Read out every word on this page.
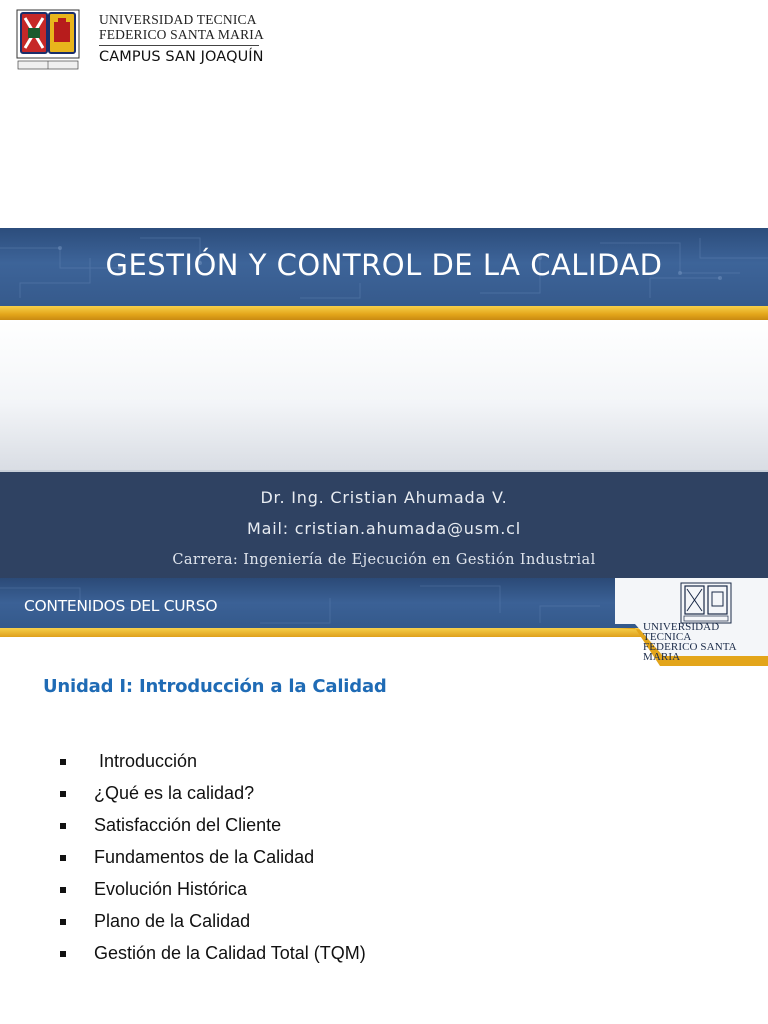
UNIVERSIDAD TECNICA
FEDERICO SANTA MARIA
CAMPUS SAN JOAQUÍN
GESTIÓN Y CONTROL DE LA CALIDAD
Dr. Ing. Cristian Ahumada V.
Mail: cristian.ahumada@usm.cl
Carrera: Ingeniería de Ejecución en Gestión Industrial
CONTENIDOS DEL CURSO
UNIVERSIDAD TECNICA
FEDERICO SANTA MARIA
Unidad I: Introducción a la Calidad
Introducción
¿Qué es la calidad?
Satisfacción del Cliente
Fundamentos de la Calidad
Evolución Histórica
Plano de la Calidad
Gestión de la Calidad Total (TQM)
